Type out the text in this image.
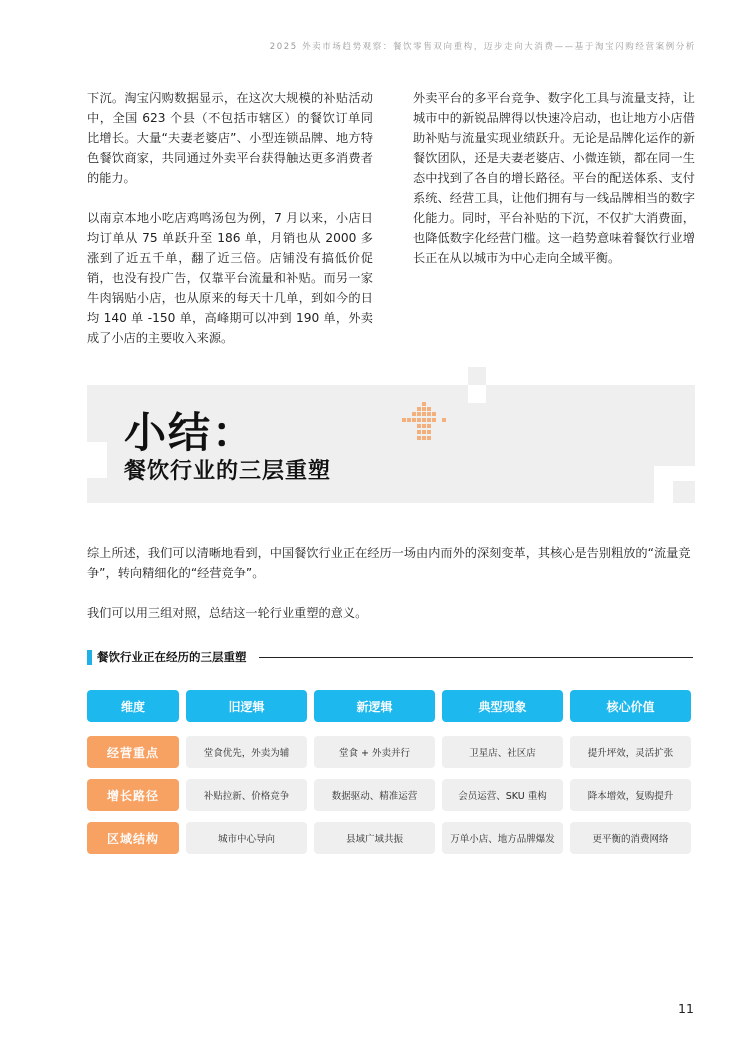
2025 外卖市场趋势观察：餐饮零售双向重构，迈步走向大消费——基于淘宝闪购经营案例分析

下沉。淘宝闪购数据显示，在这次大规模的补贴活动中，全国 623 个县（不包括市辖区）的餐饮订单同比增长。大量“夫妻老婆店”、小型连锁品牌、地方特色餐饮商家，共同通过外卖平台获得触达更多消费者的能力。

以南京本地小吃店鸡鸣汤包为例，7 月以来，小店日均订单从 75 单跃升至 186 单，月销也从 2000 多涨到了近五千单，翻了近三倍。店铺没有搞低价促销，也没有投广告，仅靠平台流量和补贴。而另一家牛肉锅贴小店，也从原来的每天十几单，到如今的日均 140 单 -150 单，高峰期可以冲到 190 单，外卖成了小店的主要收入来源。

外卖平台的多平台竞争、数字化工具与流量支持，让城市中的新锐品牌得以快速冷启动，也让地方小店借助补贴与流量实现业绩跃升。无论是品牌化运作的新餐饮团队，还是夫妻老婆店、小微连锁，都在同一生态中找到了各自的增长路径。平台的配送体系、支付系统、经营工具，让他们拥有与一线品牌相当的数字化能力。同时，平台补贴的下沉，不仅扩大消费面，也降低数字化经营门槛。这一趋势意味着餐饮行业增长正在从以城市为中心走向全域平衡。

小结：
餐饮行业的三层重塑

综上所述，我们可以清晰地看到，中国餐饮行业正在经历一场由内而外的深刻变革，其核心是告别粗放的“流量竞争”，转向精细化的“经营竞争”。

我们可以用三组对照，总结这一轮行业重塑的意义。

餐饮行业正在经历的三层重塑
维度	旧逻辑	新逻辑	典型现象	核心价值
经营重点	堂食优先，外卖为辅	堂食 + 外卖并行	卫星店、社区店	提升坪效，灵活扩张
增长路径	补贴拉新、价格竞争	数据驱动、精准运营	会员运营、SKU 重构	降本增效，复购提升
区域结构	城市中心导向	县域广域共振	万单小店、地方品牌爆发	更平衡的消费网络
11
